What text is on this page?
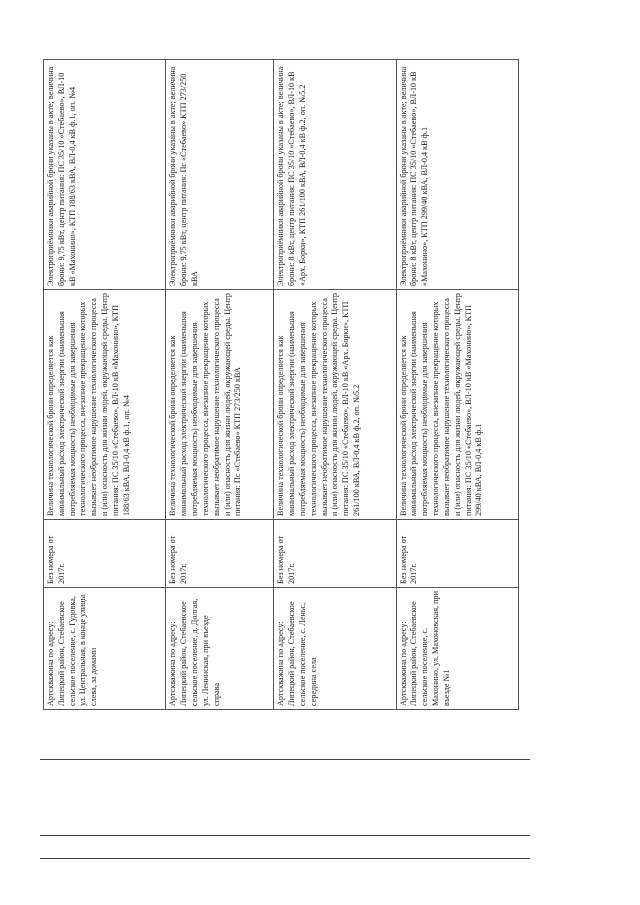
Артскважина по адресу: Липецкий район, Стебаевское сельское поселение, с. Гудовка, ул. Центральная, в конце улицы слева, за домами	Без номера от 2017г.	Величина технологической брони определяется как минимальный расход электрической энергии (наименьшая потребляемая мощность) необходимые для завершения технологического процесса, внезапное прекращение которых вызывает необратимое нарушение технологического процесса и (или) опасность для жизни людей, окружающей среды. Центр питания: ПС 35/10 «Стебаево», ВЛ-10 кВ «Махонино», КТП 188/63 кВА, ВЛ-0,4 кВ ф.1, оп. №4	Электроприёмники аварийной брони указаны в акте; величина брони: 9,75 кВт, центр питания: ПС 35/10 «Стебаево», ВЛ-10 кВ «Махонино», КТП 188/63 кВА, ВЛ-0,4 кВ ф.1, оп. №4
Артскважина по адресу: Липецкий район, Стебаевское сельское поселение, д. Долгая, ул. Ленинская, при въезде справа	Без номера от 2017г.	Величина технологической брони определяется как минимальный расход электрической энергии (наименьшая потребляемая мощность) необходимые для завершения технологического процесса, внезапное прекращение которых вызывает необратимое нарушение технологического процесса и (или) опасность для жизни людей, окружающей среды. Центр питания: Пс «Стебаево» КТП 273/250 кВА	Электроприёмники аварийной брони указаны в акте; величина брони: 9,75 кВт, центр питания: Пс «Стебаево» КТП 273/250 кВА
Артскважина по адресу: Липецкий район, Стебаевское сельское поселение, с. Леньс, середина села	Без номера от 2017г.	Величина технологической брони определяется как минимальный расход электрической энергии (наименьшая потребляемая мощность) необходимые для завершения технологического процесса, внезапное прекращение которых вызывает необратимое нарушение технологического процесса и (или) опасность для жизни людей, окружающей среды. Центр питания: ПС 35/10 «Стебаево», ВЛ-10 кВ «Арх. Борки», КТП 261/100 кВА, ВЛ-0,4 кВ ф.2, оп. №5.2	Электроприёмники аварийной брони указаны в акте; величина брони: 8 кВт, центр питания: ПС 35/10 «Стебаево», ВЛ-10 кВ «Арх. Борки», КТП 261/100 кВА, ВЛ-0,4 кВ ф.2, оп. №5.2
Артскважина по адресу: Липецкий район, Стебаевское сельское поселение, с. Махонино, ул. Махоновская, при въезде №1	Без номера от 2017г.	Величина технологической брони определяется как минимальный расход электрической энергии (наименьшая потребляемая мощность) необходимые для завершения технологического процесса, внезапное прекращение которых вызывает необратимое нарушение технологического процесса и (или) опасность для жизни людей, окружающей среды. Центр питания: ПС 35/10 «Стебаево», ВЛ-10 кВ «Махонино», КТП 299/40 кВА, ВЛ-0,4 кВ ф.1	Электроприёмники аварийной брони указаны в акте; величина брони: 8 кВт, центр питания: ПС 35/10 «Стебаево», ВЛ-10 кВ «Махонино», КТП 299/40 кВА, ВЛ-0,4 кВ ф.1
